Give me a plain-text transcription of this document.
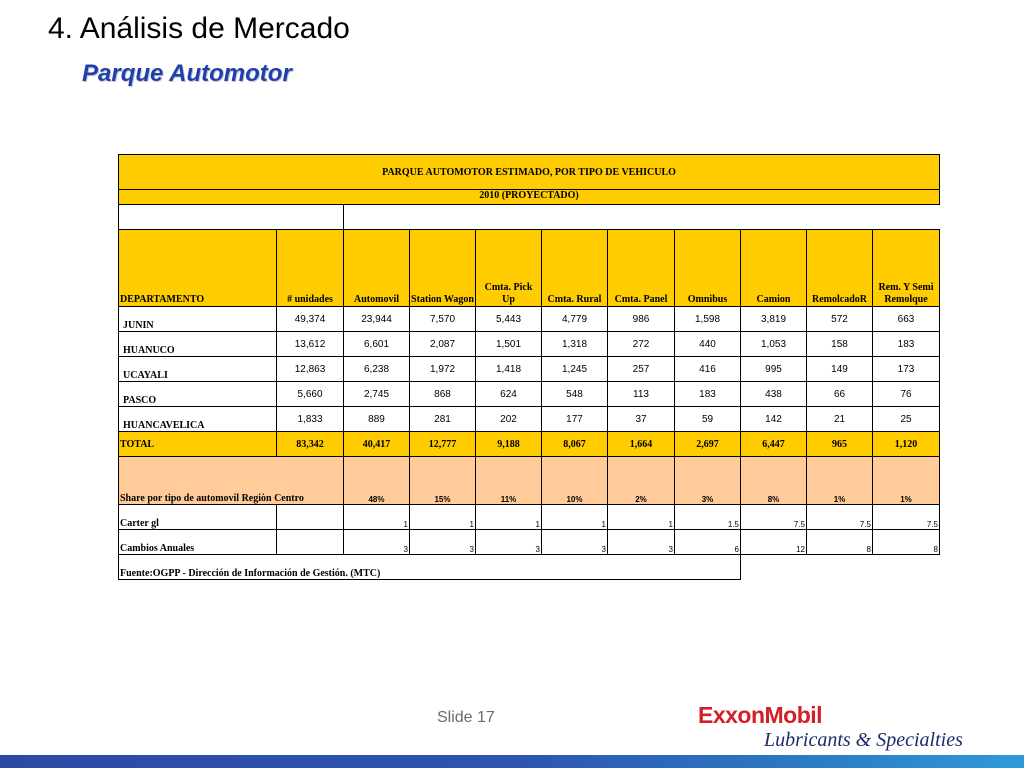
4. Análisis de Mercado
Parque Automotor
PARQUE AUTOMOTOR ESTIMADO, POR TIPO DE VEHICULO										
2010 (PROYECTADO)										

DEPARTAMENTO	# unidades	Automovil	Station Wagon	Cmta. Pick Up	Cmta. Rural	Cmta. Panel	Omnibus	Camion	RemolcadoR	Rem. Y Semi Remolque
JUNIN	49,374	23,944	7,570	5,443	4,779	986	1,598	3,819	572	663
HUANUCO	13,612	6,601	2,087	1,501	1,318	272	440	1,053	158	183
UCAYALI	12,863	6,238	1,972	1,418	1,245	257	416	995	149	173
PASCO	5,660	2,745	868	624	548	113	183	438	66	76
HUANCAVELICA	1,833	889	281	202	177	37	59	142	21	25
TOTAL	83,342	40,417	12,777	9,188	8,067	1,664	2,697	6,447	965	1,120
Share por tipo de automovil Regiòn Centro		48%	15%	11%	10%	2%	3%	8%	1%	1%
Carter gl		1	1	1	1	1	1.5	7.5	7.5	7.5
Cambios Anuales		3	3	3	3	3	6	12	8	8
Fuente:OGPP - Dirección de Información de Gestión. (MTC)										
Slide 17	ExxonMobil
Lubricants & Specialties
